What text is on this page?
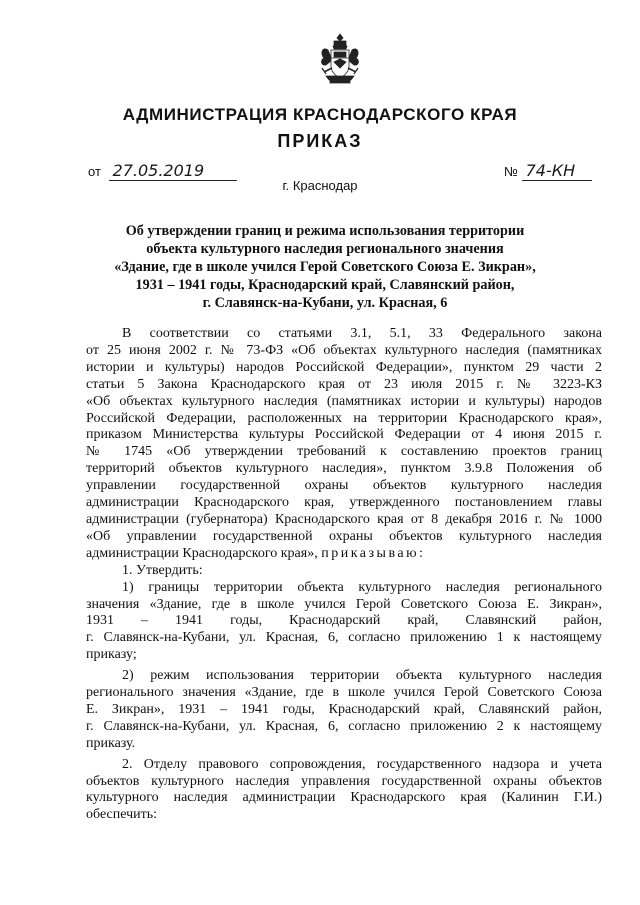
АДМИНИСТРАЦИЯ КРАСНОДАРСКОГО КРАЯ
ПРИКАЗ
от 27.05.2019	№ 74-КН
г. Краснодар
Об утверждении границ и режима использования территории
объекта культурного наследия регионального значения
«Здание, где в школе учился Герой Советского Союза Е. Зикран»,
1931 – 1941 годы, Краснодарский край, Славянский район,
г. Славянск-на-Кубани, ул. Красная, 6
В соответствии со статьями 3.1, 5.1, 33 Федерального закона
от 25 июня 2002 г. № 73-ФЗ «Об объектах культурного наследия (памятниках
истории и культуры) народов Российской Федерации», пунктом 29 части 2
статьи 5 Закона Краснодарского края от 23 июля 2015 г. № 3223-КЗ
«Об объектах культурного наследия (памятниках истории и культуры) народов
Российской Федерации, расположенных на территории Краснодарского края»,
приказом Министерства культуры Российской Федерации от 4 июня 2015 г.
№ 1745 «Об утверждении требований к составлению проектов границ
территорий объектов культурного наследия», пунктом 3.9.8 Положения об
управлении государственной охраны объектов культурного наследия
администрации Краснодарского края, утвержденного постановлением главы
администрации (губернатора) Краснодарского края от 8 декабря 2016 г. № 1000
«Об управлении государственной охраны объектов культурного наследия
администрации Краснодарского края», приказываю:
1. Утвердить:
1) границы территории объекта культурного наследия регионального
значения «Здание, где в школе учился Герой Советского Союза Е. Зикран»,
1931 – 1941 годы, Краснодарский край, Славянский район,
г. Славянск-на-Кубани, ул. Красная, 6, согласно приложению 1 к настоящему
приказу;
2) режим использования территории объекта культурного наследия
регионального значения «Здание, где в школе учился Герой Советского Союза
Е. Зикран», 1931 – 1941 годы, Краснодарский край, Славянский район,
г. Славянск-на-Кубани, ул. Красная, 6, согласно приложению 2 к настоящему
приказу.
2. Отделу правового сопровождения, государственного надзора и учета
объектов культурного наследия управления государственной охраны объектов
культурного наследия администрации Краснодарского края (Калинин Г.И.)
обеспечить:
